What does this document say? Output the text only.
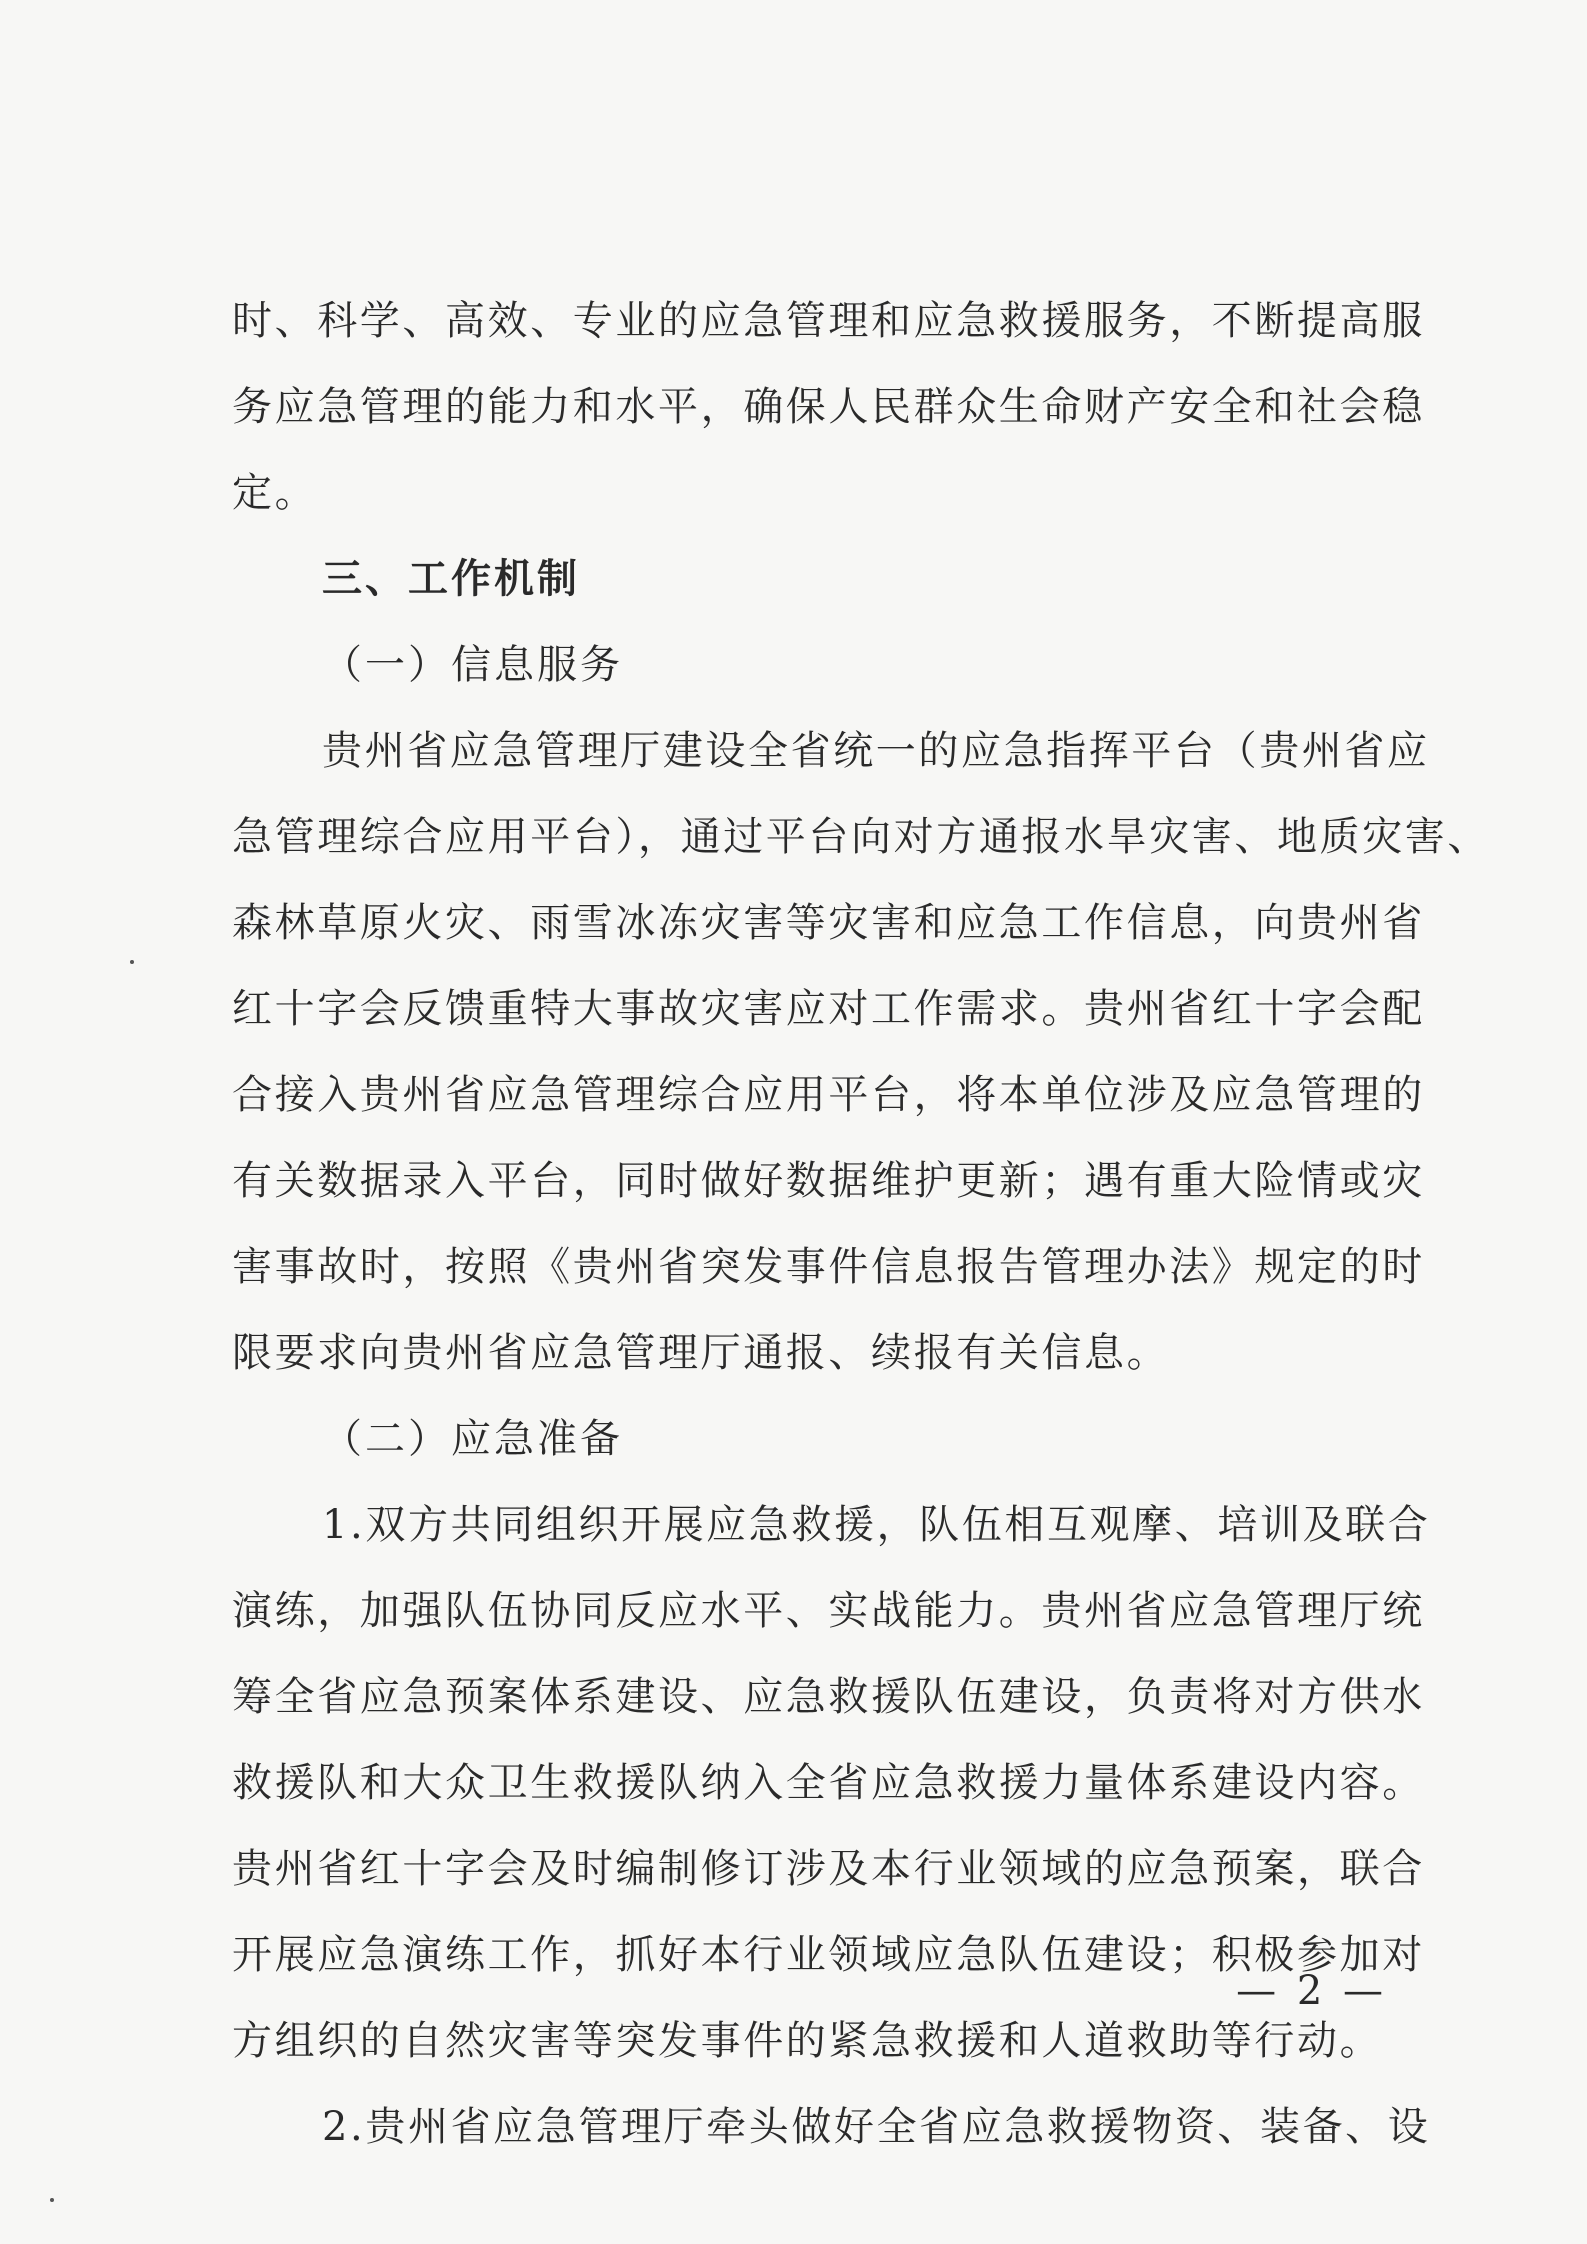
时、科学、高效、专业的应急管理和应急救援服务，不断提高服
务应急管理的能力和水平，确保人民群众生命财产安全和社会稳
定。
三、工作机制
（一）信息服务
贵州省应急管理厅建设全省统一的应急指挥平台（贵州省应
急管理综合应用平台），通过平台向对方通报水旱灾害、地质灾害、
森林草原火灾、雨雪冰冻灾害等灾害和应急工作信息，向贵州省
红十字会反馈重特大事故灾害应对工作需求。贵州省红十字会配
合接入贵州省应急管理综合应用平台，将本单位涉及应急管理的
有关数据录入平台，同时做好数据维护更新；遇有重大险情或灾
害事故时，按照《贵州省突发事件信息报告管理办法》规定的时
限要求向贵州省应急管理厅通报、续报有关信息。
（二）应急准备
1.双方共同组织开展应急救援，队伍相互观摩、培训及联合
演练，加强队伍协同反应水平、实战能力。贵州省应急管理厅统
筹全省应急预案体系建设、应急救援队伍建设，负责将对方供水
救援队和大众卫生救援队纳入全省应急救援力量体系建设内容。
贵州省红十字会及时编制修订涉及本行业领域的应急预案，联合
开展应急演练工作，抓好本行业领域应急队伍建设；积极参加对
方组织的自然灾害等突发事件的紧急救援和人道救助等行动。
2.贵州省应急管理厅牵头做好全省应急救援物资、装备、设
— 2 —
